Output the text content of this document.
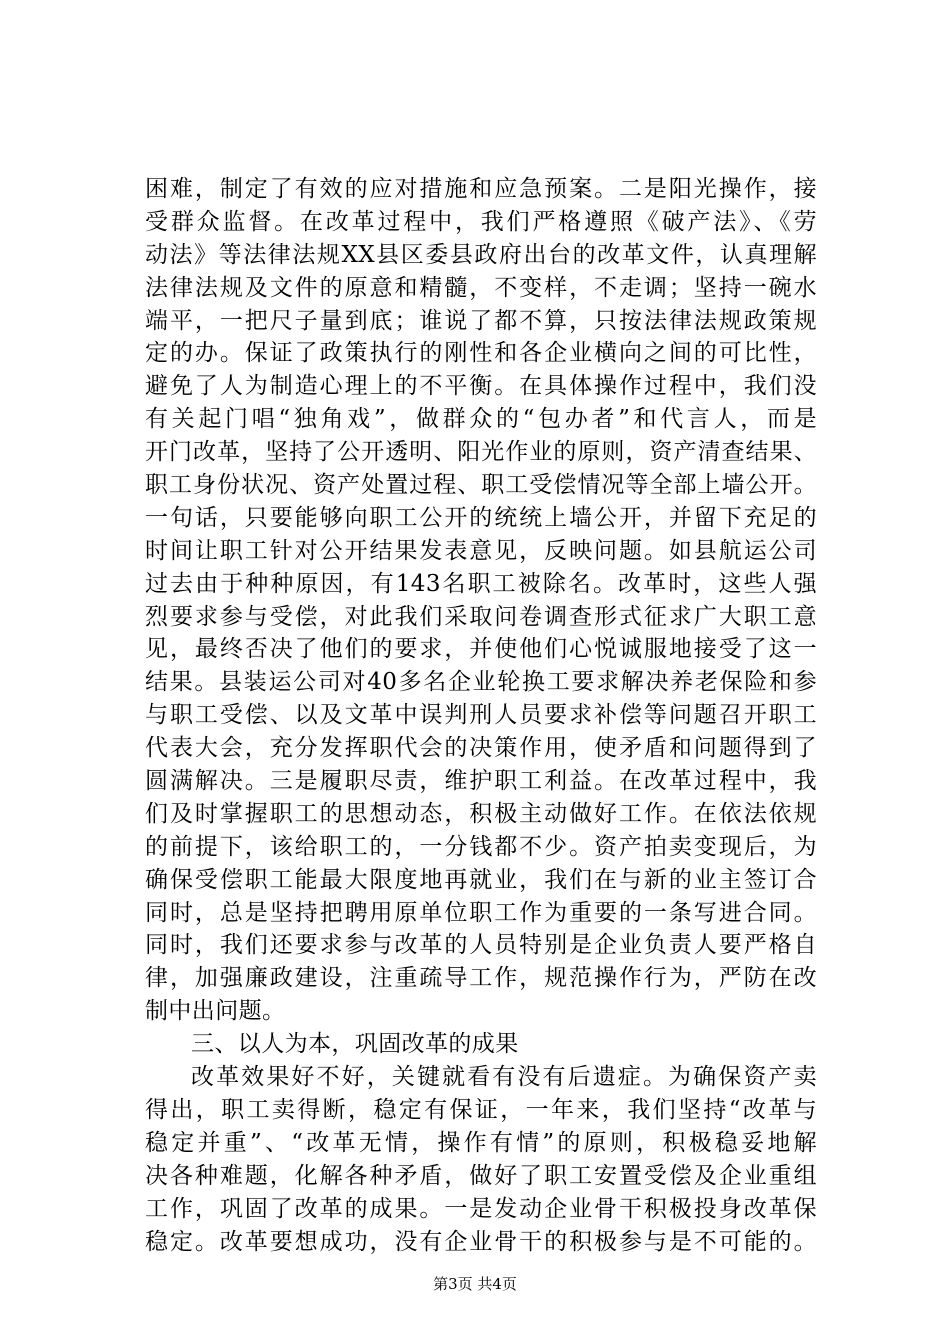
困难，制定了有效的应对措施和应急预案。二是阳光操作，接
受群众监督。在改革过程中，我们严格遵照《破产法》、《劳
动法》等法律法规XX县区委县政府出台的改革文件，认真理解
法律法规及文件的原意和精髓，不变样，不走调；坚持一碗水
端平，一把尺子量到底；谁说了都不算，只按法律法规政策规
定的办。保证了政策执行的刚性和各企业横向之间的可比性，
避免了人为制造心理上的不平衡。在具体操作过程中，我们没
有关起门唱“独角戏”，做群众的“包办者”和代言人，而是
开门改革，坚持了公开透明、阳光作业的原则，资产清查结果、
职工身份状况、资产处置过程、职工受偿情况等全部上墙公开。
一句话，只要能够向职工公开的统统上墙公开，并留下充足的
时间让职工针对公开结果发表意见，反映问题。如县航运公司
过去由于种种原因，有143名职工被除名。改革时，这些人强
烈要求参与受偿，对此我们采取问卷调查形式征求广大职工意
见，最终否决了他们的要求，并使他们心悦诚服地接受了这一
结果。县装运公司对40多名企业轮换工要求解决养老保险和参
与职工受偿、以及文革中误判刑人员要求补偿等问题召开职工
代表大会，充分发挥职代会的决策作用，使矛盾和问题得到了
圆满解决。三是履职尽责，维护职工利益。在改革过程中，我
们及时掌握职工的思想动态，积极主动做好工作。在依法依规
的前提下，该给职工的，一分钱都不少。资产拍卖变现后，为
确保受偿职工能最大限度地再就业，我们在与新的业主签订合
同时，总是坚持把聘用原单位职工作为重要的一条写进合同。
同时，我们还要求参与改革的人员特别是企业负责人要严格自
律，加强廉政建设，注重疏导工作，规范操作行为，严防在改
制中出问题。
三、以人为本，巩固改革的成果
改革效果好不好，关键就看有没有后遗症。为确保资产卖
得出，职工卖得断，稳定有保证，一年来，我们坚持“改革与
稳定并重”、“改革无情，操作有情”的原则，积极稳妥地解
决各种难题，化解各种矛盾，做好了职工安置受偿及企业重组
工作，巩固了改革的成果。一是发动企业骨干积极投身改革保
稳定。改革要想成功，没有企业骨干的积极参与是不可能的。
第3页 共4页
